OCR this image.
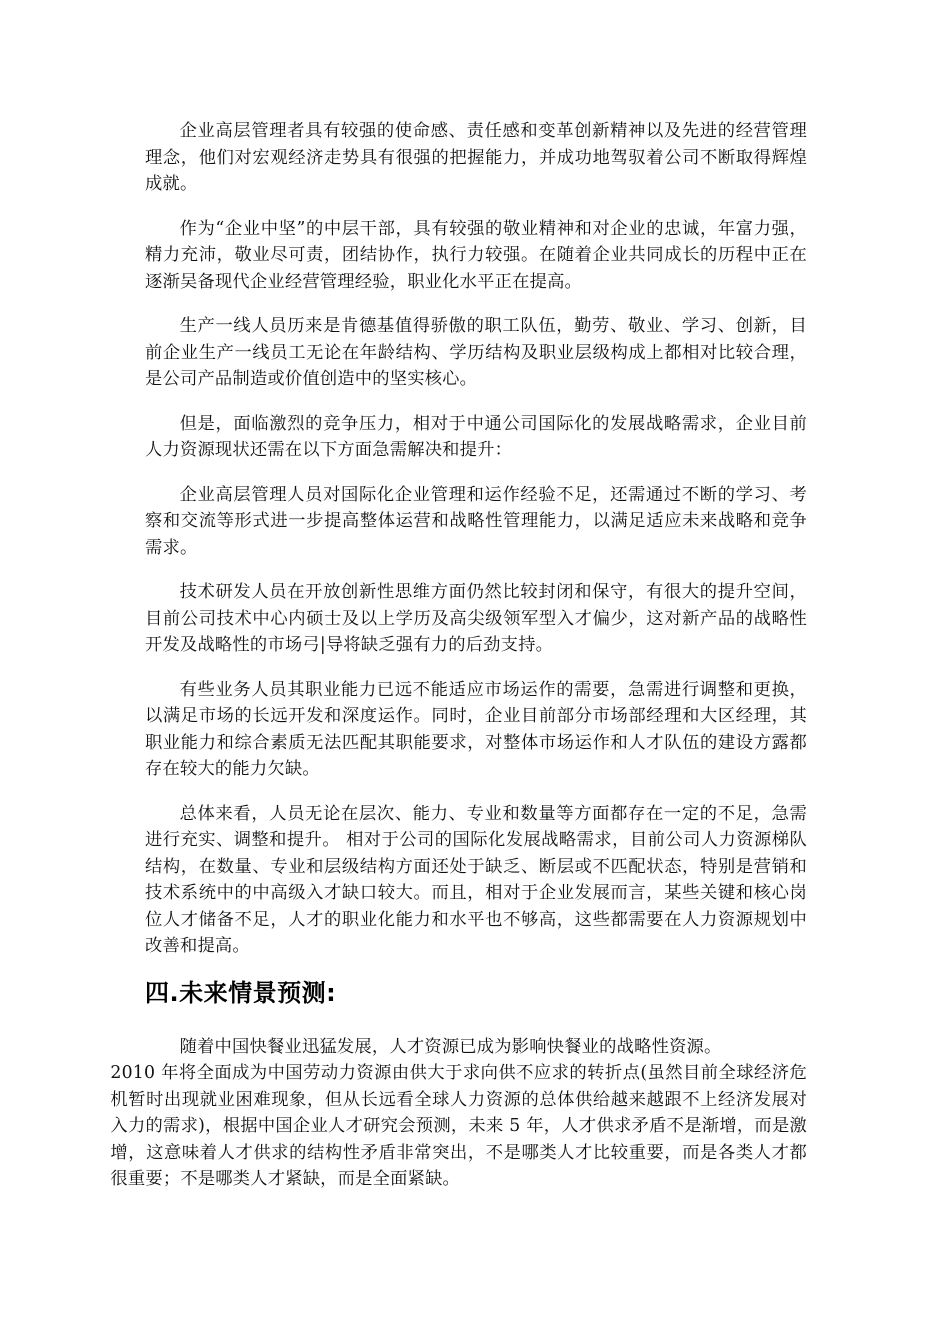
企业高层管理者具有较强的使命感、责任感和变革创新精神以及先进的经营管理理念，他们对宏观经济走势具有很强的把握能力，并成功地驾驭着公司不断取得辉煌成就。

作为“企业中坚”的中层干部，具有较强的敬业精神和对企业的忠诚，年富力强，精力充沛，敬业尽可责，团结协作，执行力较强。在随着企业共同成长的历程中正在逐渐吴备现代企业经营管理经验，职业化水平正在提高。

生产一线人员历来是肯德基值得骄傲的职工队伍，勤劳、敬业、学习、创新，目前企业生产一线员工无论在年龄结构、学历结构及职业层级构成上都相对比较合理，是公司产品制造或价值创造中的坚实核心。

但是，面临激烈的竞争压力，相对于中通公司国际化的发展战略需求，企业目前人力资源现状还需在以下方面急需解决和提升：

企业高层管理人员对国际化企业管理和运作经验不足，还需通过不断的学习、考察和交流等形式进一步提高整体运营和战略性管理能力，以满足适应未来战略和竞争需求。

技术研发人员在开放创新性思维方面仍然比较封闭和保守，有很大的提升空间，目前公司技术中心内硕士及以上学历及高尖级领军型入才偏少，这对新产品的战略性开发及战略性的市场弓|导将缺乏强有力的后劲支持。

有些业务人员其职业能力已远不能适应市场运作的需要，急需进行调整和更换，以满足市场的长远开发和深度运作。同时，企业目前部分市场部经理和大区经理，其职业能力和综合素质无法匹配其职能要求，对整体市场运作和人才队伍的建设方露都存在较大的能力欠缺。

总体来看，人员无论在层次、能力、专业和数量等方面都存在一定的不足，急需进行充实、调整和提升。 相对于公司的国际化发展战略需求，目前公司人力资源梯队结构，在数量、专业和层级结构方面还处于缺乏、断层或不匹配状态，特别是营销和技术系统中的中高级入才缺口较大。而且，相对于企业发展而言，某些关键和核心岗位人才储备不足，人才的职业化能力和水平也不够高，这些都需要在人力资源规划中改善和提高。

四.未来情景预测:

随着中国快餐业迅猛发展，人才资源已成为影响快餐业的战略性资源。
2010 年将全面成为中国劳动力资源由供大于求向供不应求的转折点(虽然目前全球经济危机暂时出现就业困难现象，但从长远看全球人力资源的总体供给越来越跟不上经济发展对入力的需求)，根据中国企业人才研究会预测，未来 5 年，人才供求矛盾不是渐增，而是激增，这意味着人才供求的结构性矛盾非常突出，不是哪类人才比较重要，而是各类人才都很重要；不是哪类人才紧缺，而是全面紧缺。
